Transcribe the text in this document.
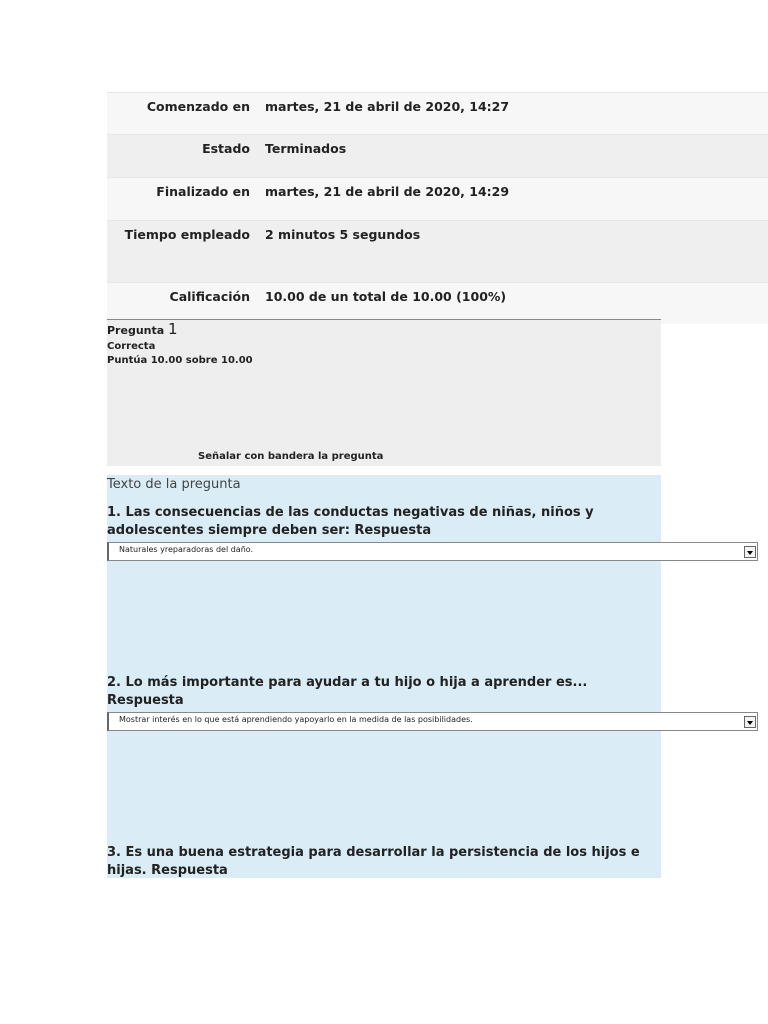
Comenzado en	martes, 21 de abril de 2020, 14:27
Estado	Terminados
Finalizado en	martes, 21 de abril de 2020, 14:29
Tiempo empleado	2 minutos 5 segundos
Calificación	10.00 de un total de 10.00 (100%)
Pregunta 1
Correcta
Puntúa 10.00 sobre 10.00
Señalar con bandera la pregunta
Texto de la pregunta
1. Las consecuencias de las conductas negativas de niñas, niños y adolescentes siempre deben ser: Respuesta
2. Lo más importante para ayudar a tu hijo o hija a aprender es... Respuesta
3. Es una buena estrategia para desarrollar la persistencia de los hijos e hijas. Respuesta
Naturales yreparadoras del daño.
Mostrar interés en lo que está aprendiendo yapoyarlo en la medida de las posibilidades.
